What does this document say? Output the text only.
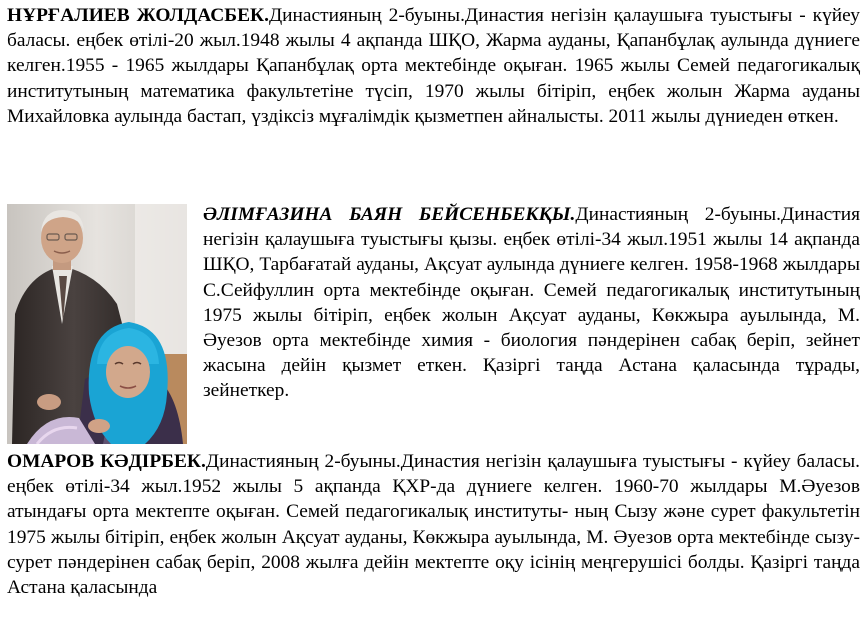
НҰРҒАЛИЕВ ЖОЛДАСБЕК.Династияның 2-буыны.Династия негізін қалаушыға туыстығы - күйеу баласы. еңбек өтілі-20 жыл.1948 жылы 4 ақпанда ШҚО, Жарма ауданы, Қапанбұлақ аулында дүниеге келген.1955 - 1965 жылдары Қапанбұлақ орта мектебінде оқыған. 1965 жылы Семей педагогикалық институтының математика факультетіне түсіп, 1970 жылы бітіріп, еңбек жолын Жарма ауданы Михайловка аулында бастап, үздіксіз мұғалімдік қызметпен айналысты. 2011 жылы дүниеден өткен.

ӘЛІМҒАЗИНА БАЯН БЕЙСЕНБЕКҚЫ.Династияның 2-буыны.Династия негізін қалаушыға туыстығы қызы. еңбек өтілі-34 жыл.1951 жылы 14 ақпанда ШҚО, Тарбағатай ауданы, Ақсуат аулында дүниеге келген. 1958-1968 жылдары С.Сейфуллин орта мектебінде оқыған. Семей педагогикалық институтының 1975 жылы бітіріп, еңбек жолын Ақсуат ауданы, Көкжыра ауылында, М. Әуезов орта мектебінде химия - биология пәндерінен сабақ беріп, зейнет жасына дейін қызмет еткен. Қазіргі таңда Астана қаласында тұрады, зейнеткер.

ОМАРОВ КӘДІРБЕК.Династияның 2-буыны.Династия негізін қалаушыға туыстығы - күйеу баласы. еңбек өтілі-34 жыл.1952 жылы 5 ақпанда ҚХР-да дүниеге келген. 1960-70 жылдары М.Әуезов атындағы орта мектепте оқыған. Семей педагогикалық институты- ның Сызу және сурет факультетін 1975 жылы бітіріп, еңбек жолын Ақсуат ауданы, Көкжыра ауылында, М. Әуезов орта мектебінде сызу-сурет пәндерінен сабақ беріп, 2008 жылға дейін мектепте оқу ісінің меңгерушісі болды. Қазіргі таңда Астана қаласында
